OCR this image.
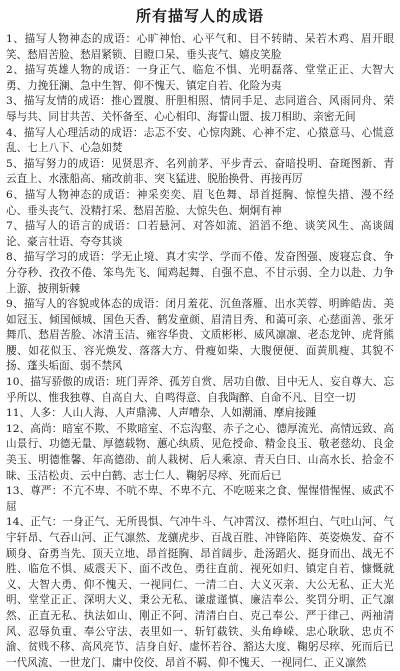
所有描写人的成语

1、描写人物神态的成语：心旷神怡、心平气和、目不转睛、呆若木鸡、眉开眼笑、愁眉苦脸、愁眉紧锁、目瞪口呆、垂头丧气、嬉皮笑脸

2、描写英雄人物的成语：一身正气、临危不惧、光明磊落、堂堂正正、大智大勇、力挽狂澜、急中生智、仰不愧天、镇定自若、化险为夷

3、描写友情的成语：推心置腹、肝胆相照、情同手足、志同道合、风雨同舟、荣辱与共、同甘共苦、关怀备至、心心相印、海誓山盟、拔刀相助、亲密无间

4、描写人心理活动的成语：忐忑不安、心惊肉跳、心神不定、心猿意马、心慌意乱、七上八下、心急如焚

5、描写努力的成语：见贤思齐、名列前茅、平步青云、奋暗投明、奋斑图新、青云直上、水涨船高、痛改前非、突飞猛进、脱胎换骨、再接再厉

6、描写人物神态的成语：神采奕奕、眉飞色舞、昂首挺胸、惊惶失措、漫不经心、垂头丧气、没精打采、愁眉苦脸、大惊失色、炯炯有神

7、描写人的语言的成语：口若悬河、对答如流、滔滔不绝、谈笑风生、高谈阔论、豪言壮语、夸夸其谈

8、描写学习的成语：学无止境、真才实学、学而不倦、发奋图强、废寝忘食、争分夺秒、孜孜不倦、笨鸟先飞、闻鸡起舞、自强不息、不甘示弱、全力以赴、力争上游、披荆斩棘

9、描写人的容貌或体态的成语：闭月羞花、沉鱼落雁、出水芙蓉、明眸皓齿、美如冠玉、倾国倾城、国色天香、鹤发童颜、眉清目秀、和蔼可亲、心慈面善、张牙舞爪、愁眉苦脸、冰清玉洁、雍容华贵、文质彬彬、威风凛凛、老态龙钟、虎背熊腰、如花似玉、容光焕发、落落大方、骨瘦如柴、大腹便便、面黄肌瘦、其貌不扬、蓬头垢面、弱不禁风

10、描写骄傲的成语：班门弄斧、孤芳自赏、居功自傲、目中无人、妄自尊大、忘乎所以、惟我独尊、自高自大、自鸣得意、自我陶醉、自命不凡、目空一切

11、人多：人山人海、人声鼎沸、人声嘈杂、人如潮涌、摩肩接踵

12、高尚：暗室不欺、不欺暗室、不忘沟壑、赤子之心、德厚流光、高情远致、高山景行、功德无量、厚德载物、蕙心纨质、见危授命、精金良玉、敬老慈幼、良金美玉、明德惟馨、年高德劭、前人栽树、后人乘凉、青天白日、山高水长、拾金不昧、玉洁松贞、云中白鹤、志士仁人、鞠躬尽瘁、死而后已

13、尊严：不亢不卑、不吭不卑、不卑不亢、不吃嗟来之食、惺惺惜惺惺、威武不屈

14、正气：一身正气、无所畏惧、气冲牛斗、气冲霄汉、襟怀坦白、气吐山河、气宇轩昂、气吞山河、正气凛然、龙骧虎步、百战百胜、冲锋陷阵、英姿焕发、奋不顾身、奋勇当先、顶天立地、昂首挺胸、昂首阔步、赴汤蹈火、挺身而出、战无不胜、临危不惧、威震天下、面不改色、勇往直前、视死如归、镇定自若、慷慨就义、大智大勇、仰不愧天、一视同仁、一清二白、大义灭亲、大公无私、正大光明、堂堂正正、深明大义、秉公无私、谦虚谨慎、廉洁奉公、奖罚分明、正气凛然、正直无私、执法如山、刚正不阿、清清白白、克己奉公、严于律己、两袖清风、忍辱负重、奉公守法、表里如一、斩钉截铁、头角峥嵘、忠心耿耿、忠贞不渝、贫贱不移、高风亮节、洁身自好、虚怀若谷、豁达大度、鞠躬尽瘁、死而后已一代风流、一世龙门、庸中佼佼、昂首不羁、仰不愧天、一视同仁、正义凛然
